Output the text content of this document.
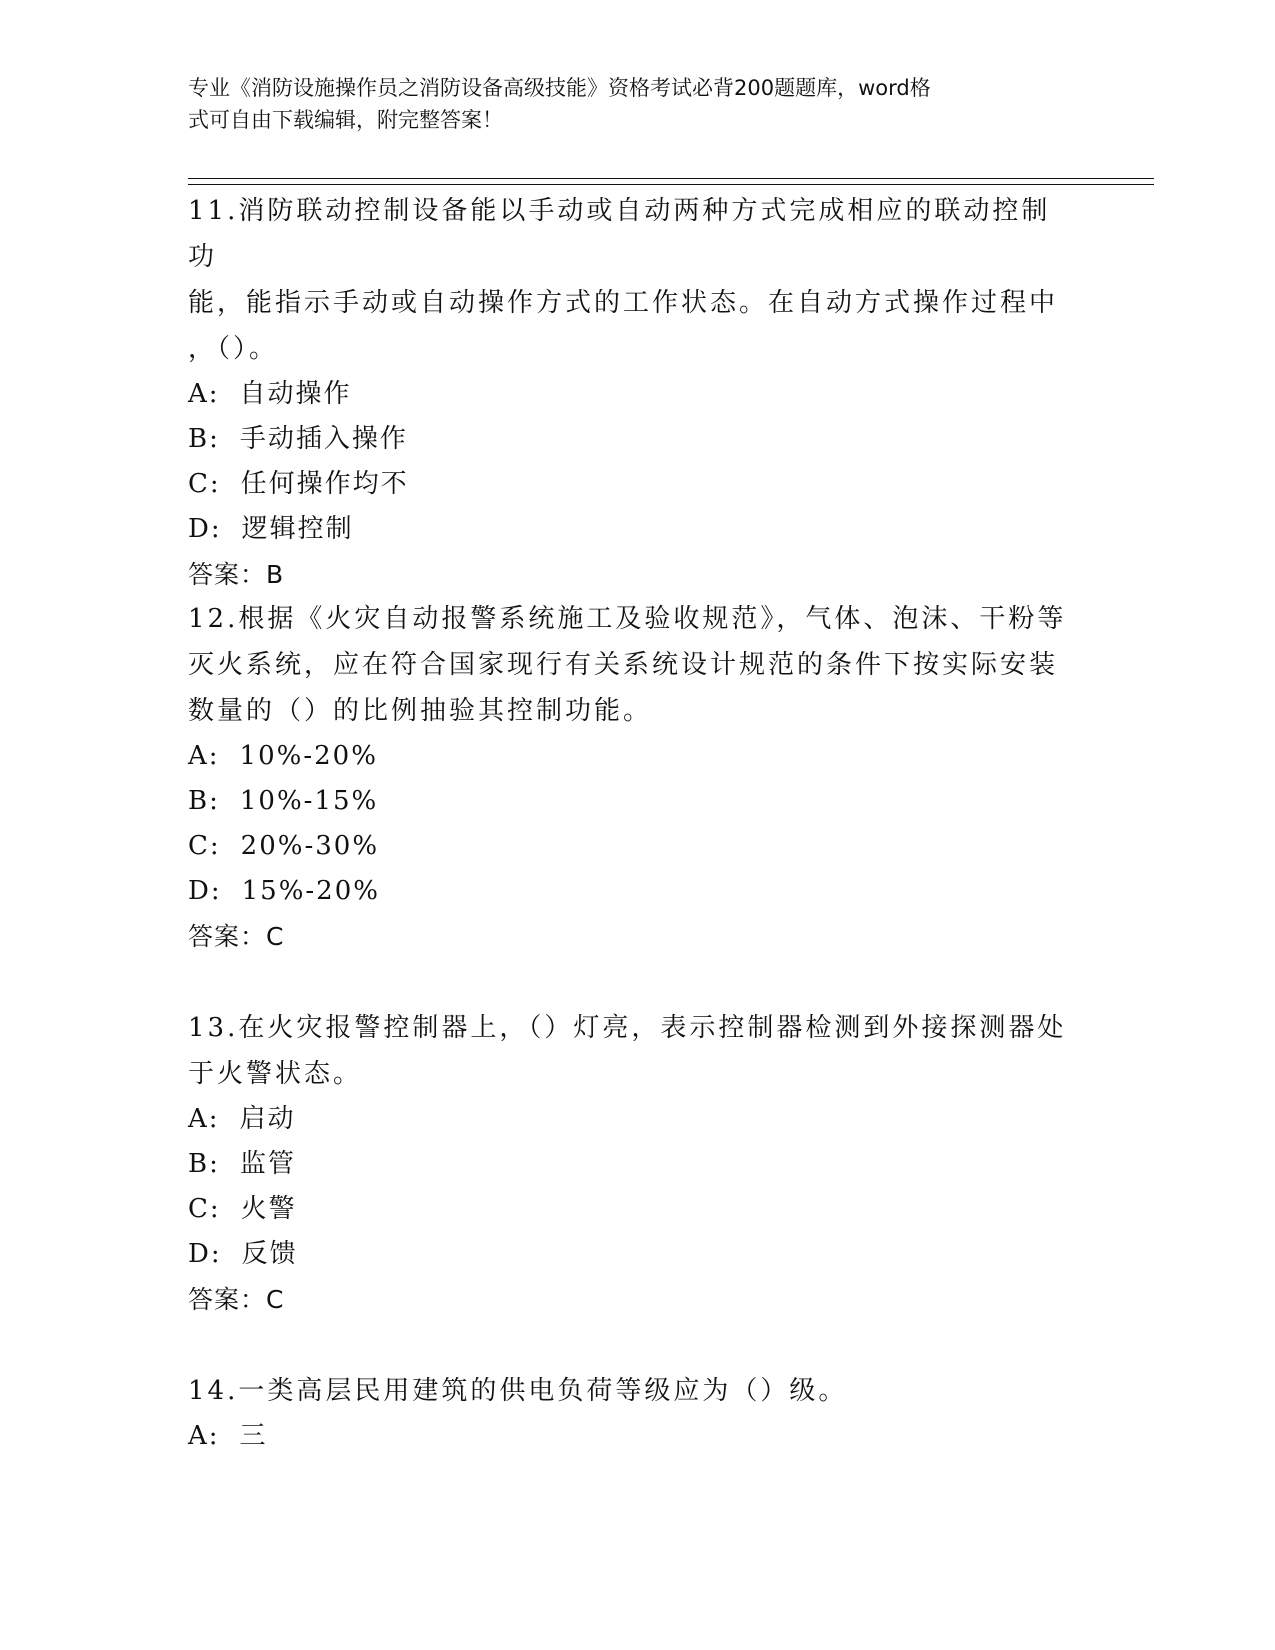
专业《消防设施操作员之消防设备高级技能》资格考试必背200题题库，word格
式可自由下载编辑，附完整答案！
11.消防联动控制设备能以手动或自动两种方式完成相应的联动控制功
能，能指示手动或自动操作方式的工作状态。在自动方式操作过程中
，（）。
A: 自动操作
B: 手动插入操作
C: 任何操作均不
D: 逻辑控制
答案：B
12.根据《火灾自动报警系统施工及验收规范》，气体、泡沫、干粉等
灭火系统，应在符合国家现行有关系统设计规范的条件下按实际安装
数量的（）的比例抽验其控制功能。
A: 10%-20%
B: 10%-15%
C: 20%-30%
D: 15%-20%
答案：C
13.在火灾报警控制器上，（）灯亮，表示控制器检测到外接探测器处
于火警状态。
A: 启动
B: 监管
C: 火警
D: 反馈
答案：C
14.一类高层民用建筑的供电负荷等级应为（）级。
A: 三
